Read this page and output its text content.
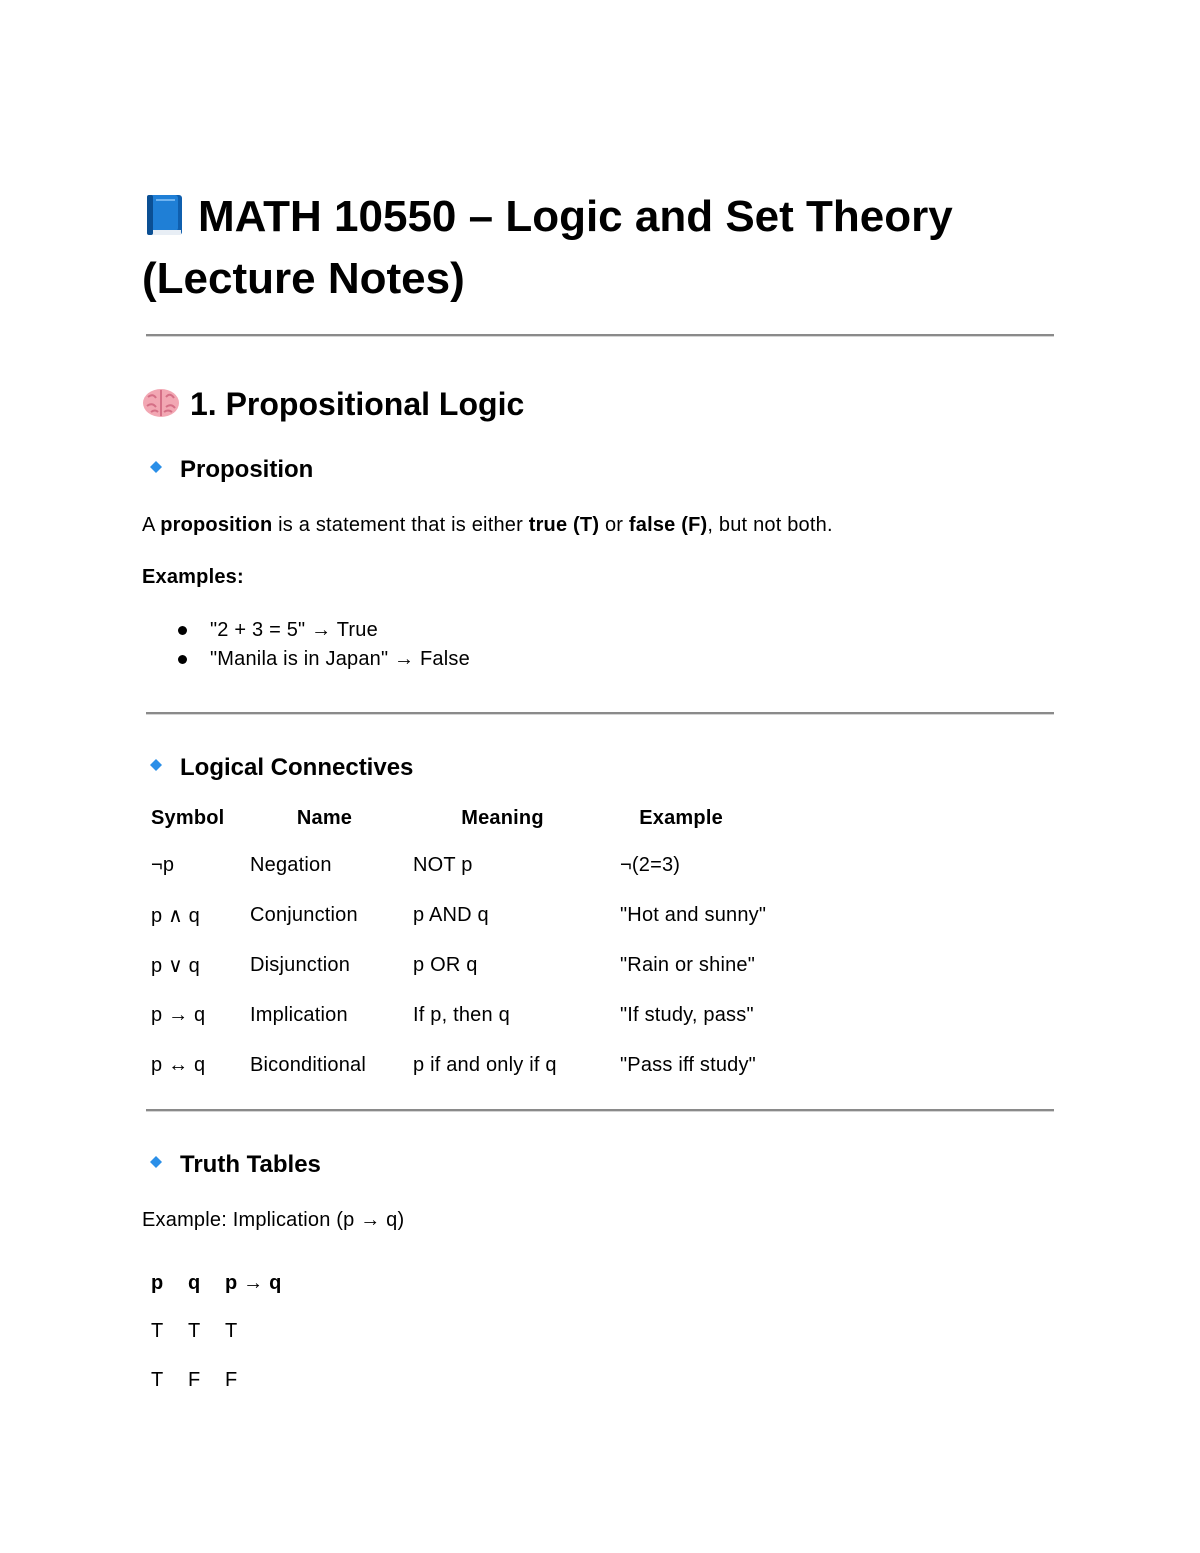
MATH 10550 – Logic and Set Theory (Lecture Notes)
1. Propositional Logic
Proposition

A proposition is a statement that is either true (T) or false (F), but not both.

Examples:

"2 + 3 = 5" → True
"Manila is in Japan" → False
Logical Connectives
Symbol	Name	Meaning	Example
¬p	Negation	NOT p	¬(2=3)
p ∧ q	Conjunction	p AND q	"Hot and sunny"
p ∨ q	Disjunction	p OR q	"Rain or shine"
p → q	Implication	If p, then q	"If study, pass"
p ↔ q	Biconditional	p if and only if q	"Pass iff study"
Truth Tables

Example: Implication (p → q)

p	q	p → q
T	T	T
T	F	F
